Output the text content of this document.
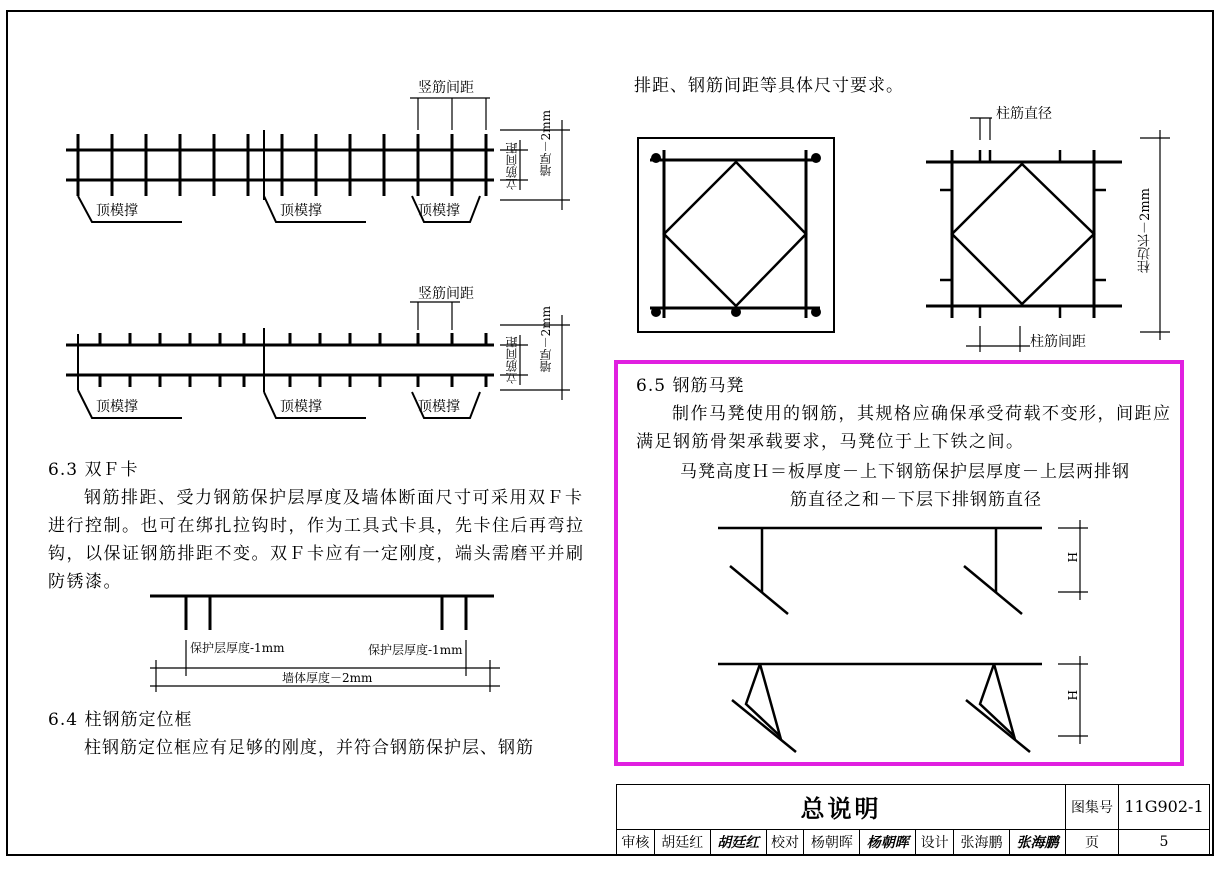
竖筋间距
竖筋间距
立筋间距 墙厚－2mm
立筋间距 墙厚－2mm
顶模撑	顶模撑	顶模撑
顶模撑	顶模撑	顶模撑
保护层厚度-1mm	保护层厚度-1mm
墙体厚度－2mm
柱筋直径
柱边长－2mm
柱筋间距
H
H
6.3 双Ｆ卡
钢筋排距、受力钢筋保护层厚度及墙体断面尺寸可采用双Ｆ卡进行控制。也可在绑扎拉钩时，作为工具式卡具，先卡住后再弯拉钩，以保证钢筋排距不变。双Ｆ卡应有一定刚度，端头需磨平并刷防锈漆。
6.4 柱钢筋定位框
柱钢筋定位框应有足够的刚度，并符合钢筋保护层、钢筋
排距、钢筋间距等具体尺寸要求。
6.5 钢筋马凳
制作马凳使用的钢筋，其规格应确保承受荷载不变形，间距应满足钢筋骨架承载要求，马凳位于上下铁之间。
马凳高度Ｈ＝板厚度－上下钢筋保护层厚度－上层两排钢
筋直径之和－下层下排钢筋直径
总说明									图集号	11G902-1
审核	胡廷红	胡廷红	校对	杨朝晖	杨朝晖	设计	张海鹏	张海鹏	页	5
